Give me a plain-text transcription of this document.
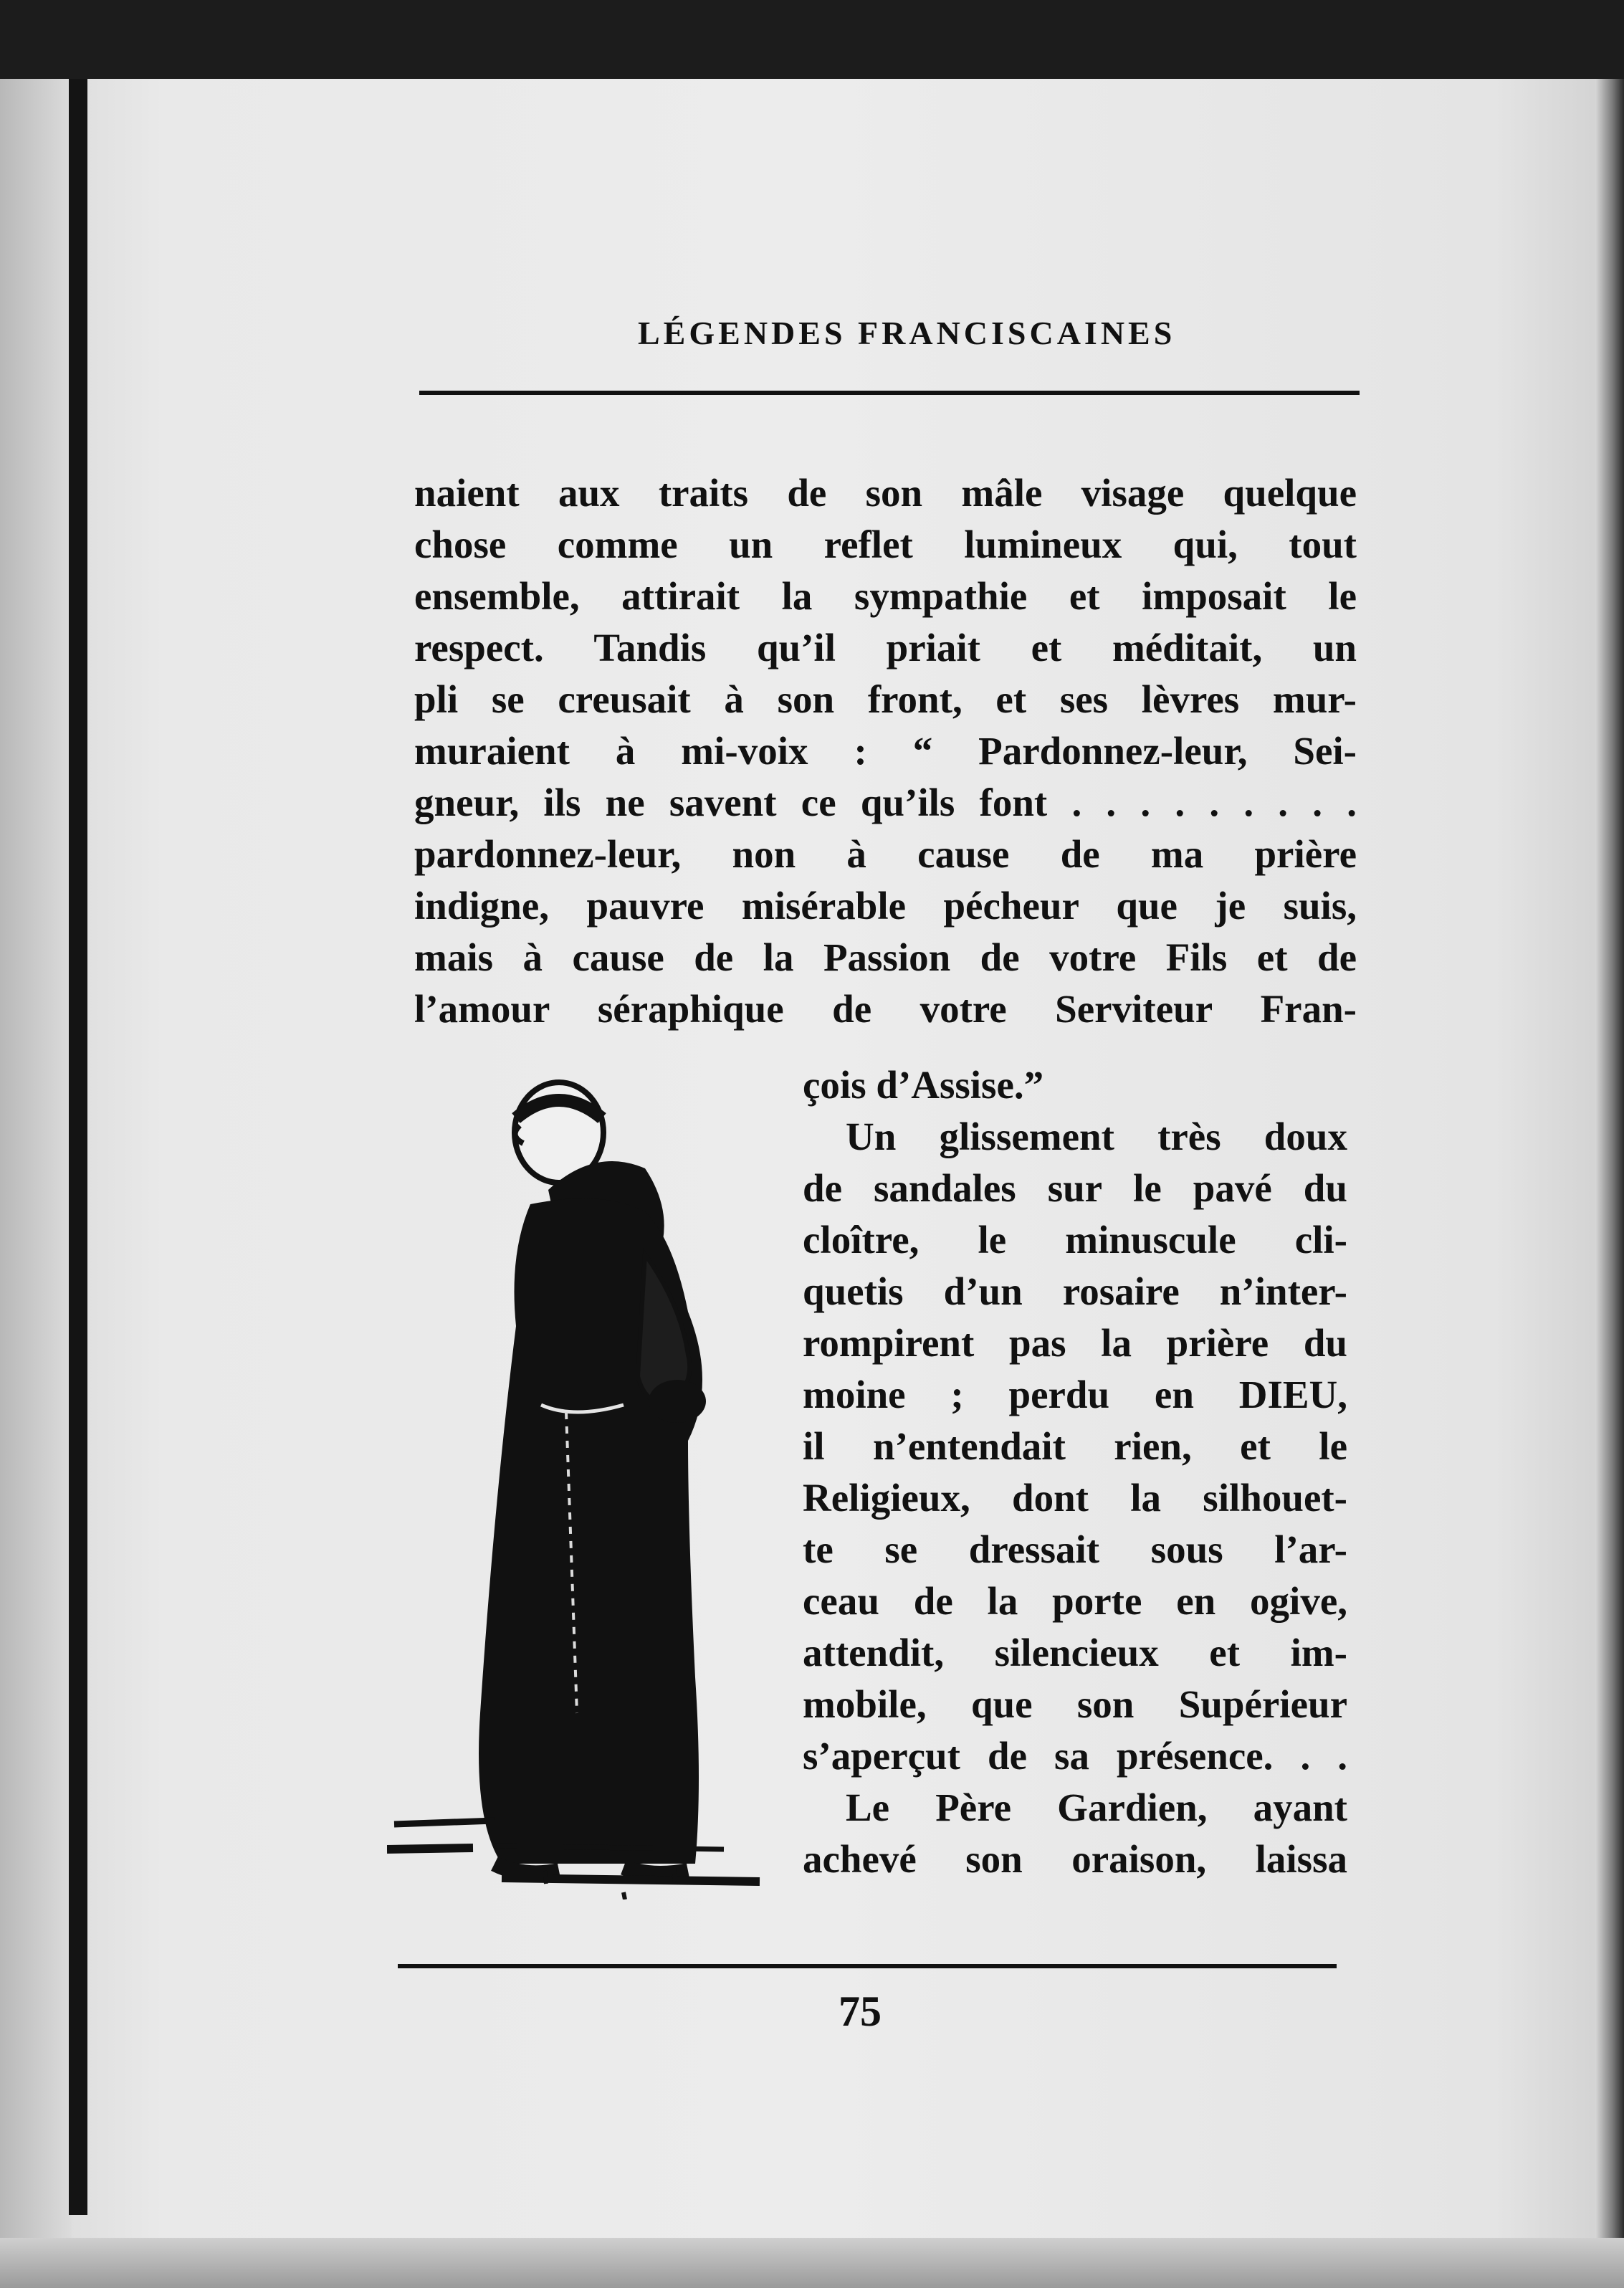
LÉGENDES FRANCISCAINES
naient aux traits de son mâle visage quelque
chose comme un reflet lumineux qui, tout
ensemble, attirait la sympathie et imposait le
respect. Tandis qu’il priait et méditait, un
pli se creusait à son front, et ses lèvres mur-
muraient à mi-voix : “ Pardonnez-leur, Sei-
gneur, ils ne savent ce qu’ils font . . . . . . . . .
pardonnez-leur, non à cause de ma prière
indigne, pauvre misérable pécheur que je suis,
mais à cause de la Passion de votre Fils et de
l’amour séraphique de votre Serviteur Fran-
çois d’Assise.”
Un glissement très doux
de sandales sur le pavé du
cloître, le minuscule cli-
quetis d’un rosaire n’inter-
rompirent pas la prière du
moine ; perdu en DIEU,
il n’entendait rien, et le
Religieux, dont la silhouet-
te se dressait sous l’ar-
ceau de la porte en ogive,
attendit, silencieux et im-
mobile, que son Supérieur
s’aperçut de sa présence. . .
Le Père Gardien, ayant
achevé son oraison, laissa
75
